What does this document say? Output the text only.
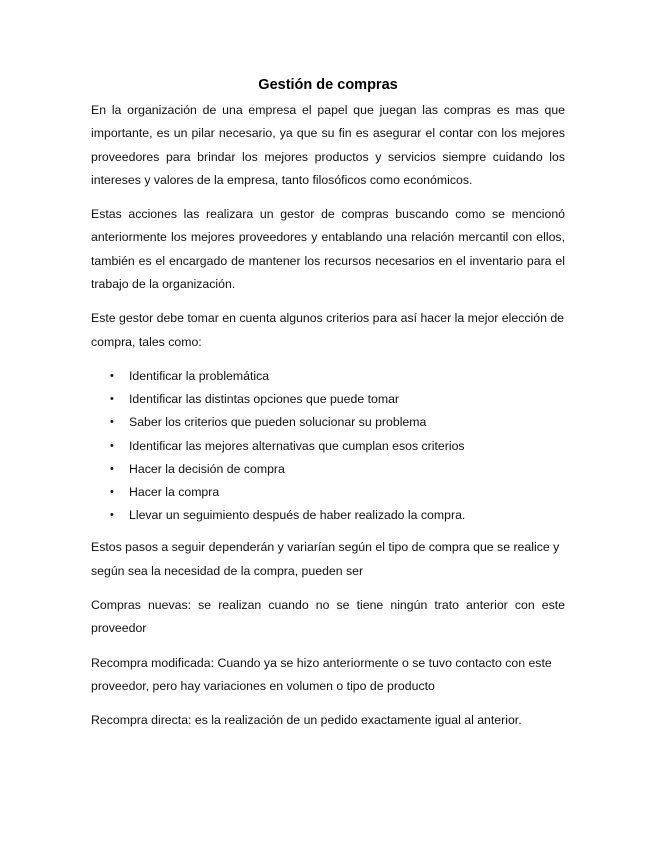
Gestión de compras

En la organización de una empresa el papel que juegan las compras es mas que importante, es un pilar necesario, ya que su fin es asegurar el contar con los mejores proveedores para brindar los mejores productos y servicios siempre cuidando los intereses y valores de la empresa, tanto filosóficos como económicos.

Estas acciones las realizara un gestor de compras buscando como se mencionó anteriormente los mejores proveedores y entablando una relación mercantil con ellos, también es el encargado de mantener los recursos necesarios en el inventario para el trabajo de la organización.

Este gestor debe tomar en cuenta algunos criterios para así hacer la mejor elección de compra, tales como:

• Identificar la problemática
• Identificar las distintas opciones que puede tomar
• Saber los criterios que pueden solucionar su problema
• Identificar las mejores alternativas que cumplan esos criterios
• Hacer la decisión de compra
• Hacer la compra
• Llevar un seguimiento después de haber realizado la compra.

Estos pasos a seguir dependerán y variarían según el tipo de compra que se realice y según sea la necesidad de la compra, pueden ser

Compras nuevas: se realizan cuando no se tiene ningún trato anterior con este proveedor

Recompra modificada: Cuando ya se hizo anteriormente o se tuvo contacto con este proveedor, pero hay variaciones en volumen o tipo de producto

Recompra directa: es la realización de un pedido exactamente igual al anterior.
